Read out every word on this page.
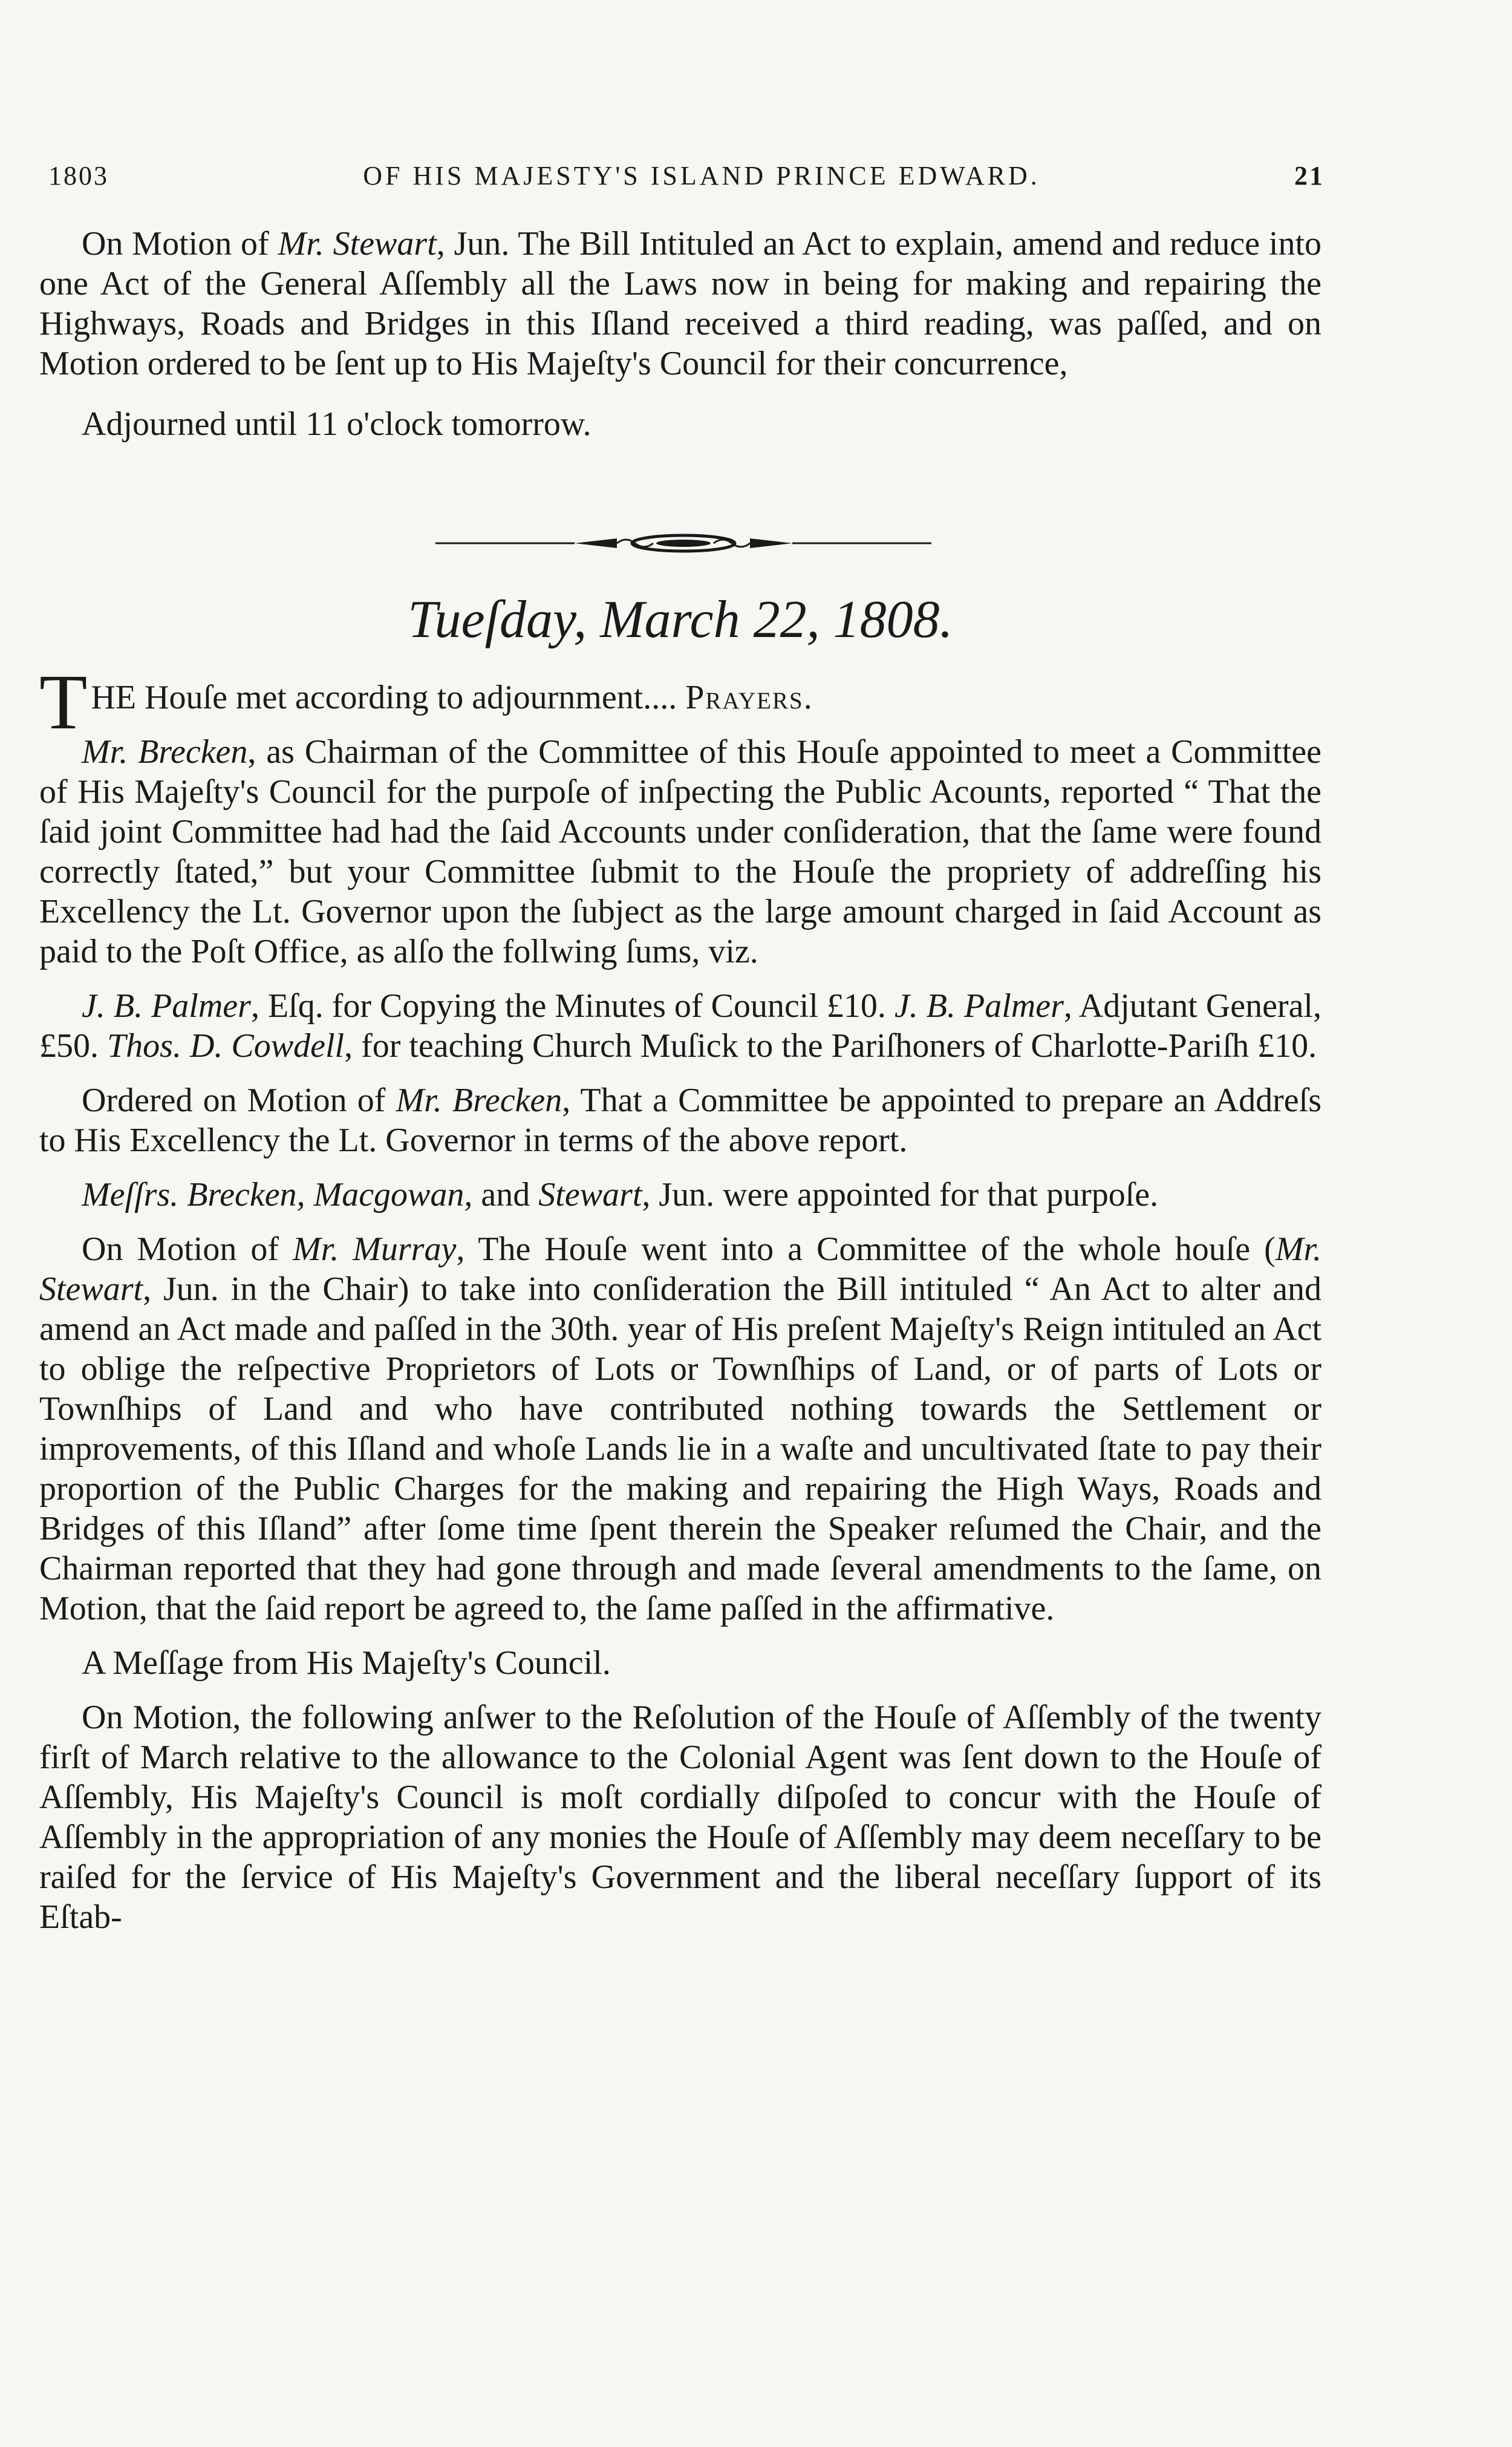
1803	OF HIS MAJESTY'S ISLAND PRINCE EDWARD.	21

On Motion of Mr. Stewart, Jun. The Bill Intituled an Act to explain, amend and reduce into one Act of the General Aſſembly all the Laws now in being for making and repairing the Highways, Roads and Bridges in this Iſland received a third reading, was paſſed, and on Motion ordered to be ſent up to His Majeſty's Council for their concurrence,

Adjourned until 11 o'clock tomorrow.

Tueſday, March 22, 1808.

THE Houſe met according to adjournment.... Prayers.

Mr. Brecken, as Chairman of the Committee of this Houſe appointed to meet a Committee of His Majeſty's Council for the purpoſe of inſpecting the Public Acounts, reported “ That the ſaid joint Committee had had the ſaid Accounts under conſideration, that the ſame were found correctly ſtated,” but your Committee ſubmit to the Houſe the propriety of addreſſing his Excellency the Lt. Governor upon the ſubject as the large amount charged in ſaid Account as paid to the Poſt Office, as alſo the follwing ſums, viz.

J. B. Palmer, Eſq. for Copying the Minutes of Council £10. J. B. Palmer, Adjutant General, £50. Thos. D. Cowdell, for teaching Church Muſick to the Pariſhoners of Charlotte-Pariſh £10.

Ordered on Motion of Mr. Brecken, That a Committee be appointed to prepare an Addreſs to His Excellency the Lt. Governor in terms of the above report.

Meſſrs. Brecken, Macgowan, and Stewart, Jun. were appointed for that purpoſe.

On Motion of Mr. Murray, The Houſe went into a Committee of the whole houſe (Mr. Stewart, Jun. in the Chair) to take into conſideration the Bill intituled “ An Act to alter and amend an Act made and paſſed in the 30th. year of His preſent Majeſty's Reign intituled an Act to oblige the reſpective Proprietors of Lots or Townſhips of Land, or of parts of Lots or Townſhips of Land and who have contributed nothing towards the Settlement or improvements, of this Iſland and whoſe Lands lie in a waſte and uncultivated ſtate to pay their proportion of the Public Charges for the making and repairing the High Ways, Roads and Bridges of this Iſland” after ſome time ſpent therein the Speaker reſumed the Chair, and the Chairman reported that they had gone through and made ſeveral amendments to the ſame, on Motion, that the ſaid report be agreed to, the ſame paſſed in the affirmative.

A Meſſage from His Majeſty's Council.

On Motion, the following anſwer to the Reſolution of the Houſe of Aſſembly of the twenty firſt of March relative to the allowance to the Colonial Agent was ſent down to the Houſe of Aſſembly, His Majeſty's Council is moſt cordially diſpoſed to concur with the Houſe of Aſſembly in the appropriation of any monies the Houſe of Aſſembly may deem neceſſary to be raiſed for the ſervice of His Majeſty's Government and the liberal neceſſary ſupport of its Eſtab-
